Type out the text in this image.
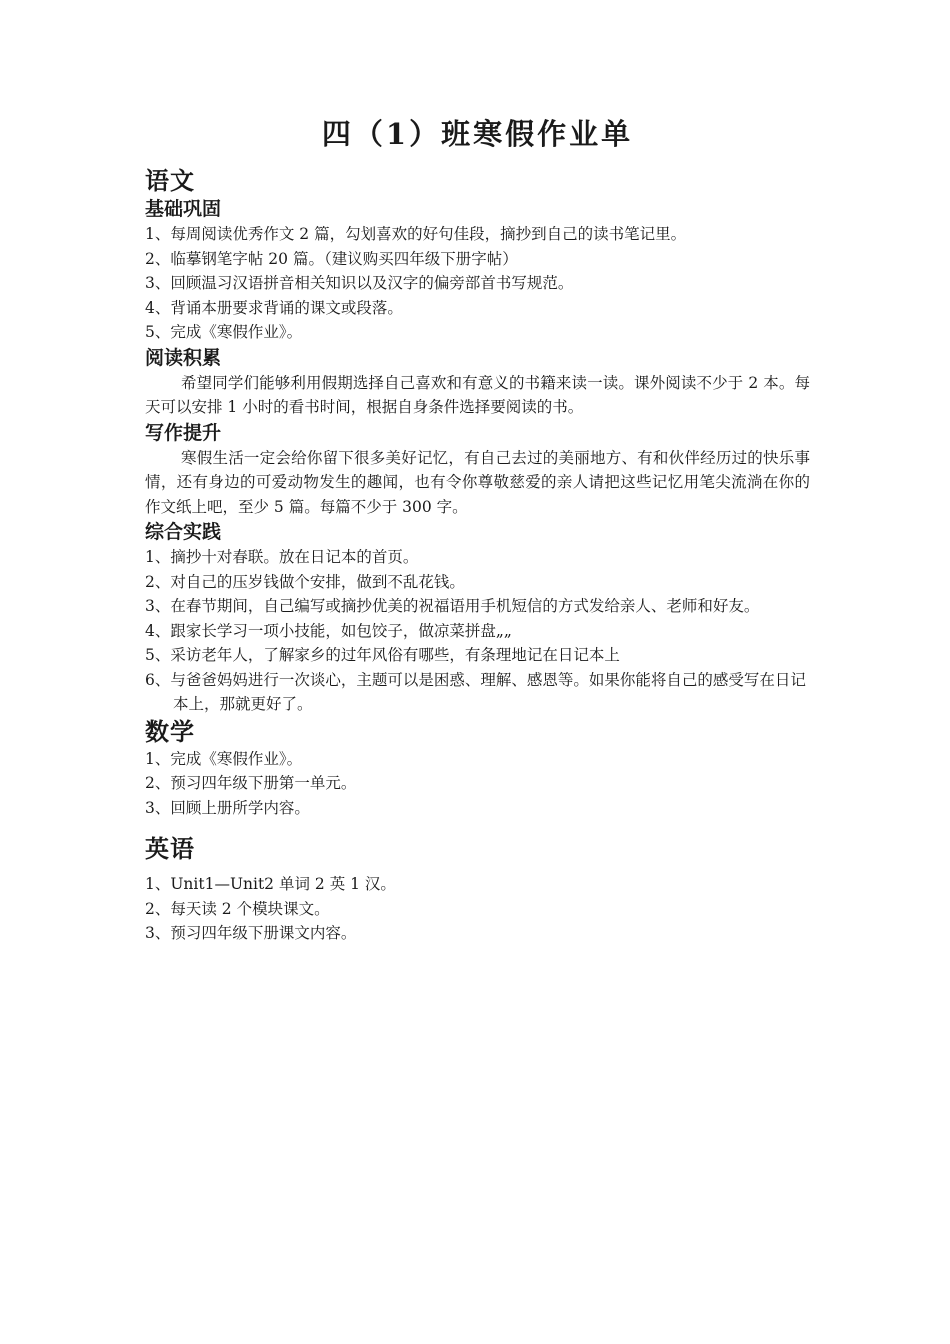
四（1）班寒假作业单
语文
基础巩固
1、每周阅读优秀作文 2 篇，勾划喜欢的好句佳段，摘抄到自己的读书笔记里。
2、临摹钢笔字帖 20 篇。（建议购买四年级下册字帖）
3、回顾温习汉语拼音相关知识以及汉字的偏旁部首书写规范。
4、背诵本册要求背诵的课文或段落。
5、完成《寒假作业》。
阅读积累

希望同学们能够利用假期选择自己喜欢和有意义的书籍来读一读。课外阅读不少于 2 本。每天可以安排 1 小时的看书时间，根据自身条件选择要阅读的书。

写作提升

寒假生活一定会给你留下很多美好记忆，有自己去过的美丽地方、有和伙伴经历过的快乐事情，还有身边的可爱动物发生的趣闻，也有令你尊敬慈爱的亲人请把这些记忆用笔尖流淌在你的作文纸上吧，至少 5 篇。每篇不少于 300 字。

综合实践
1、摘抄十对春联。放在日记本的首页。
2、对自己的压岁钱做个安排，做到不乱花钱。
3、在春节期间，自己编写或摘抄优美的祝福语用手机短信的方式发给亲人、老师和好友。
4、跟家长学习一项小技能，如包饺子，做凉菜拼盘„„
5、采访老年人，了解家乡的过年风俗有哪些，有条理地记在日记本上
6、与爸爸妈妈进行一次谈心，主题可以是困惑、理解、感恩等。如果你能将自己的感受写在日记本上，那就更好了。
数学
1、完成《寒假作业》。
2、预习四年级下册第一单元。
3、回顾上册所学内容。
英语
1、Unit1—Unit2 单词 2 英 1 汉。
2、每天读 2 个模块课文。
3、预习四年级下册课文内容。
